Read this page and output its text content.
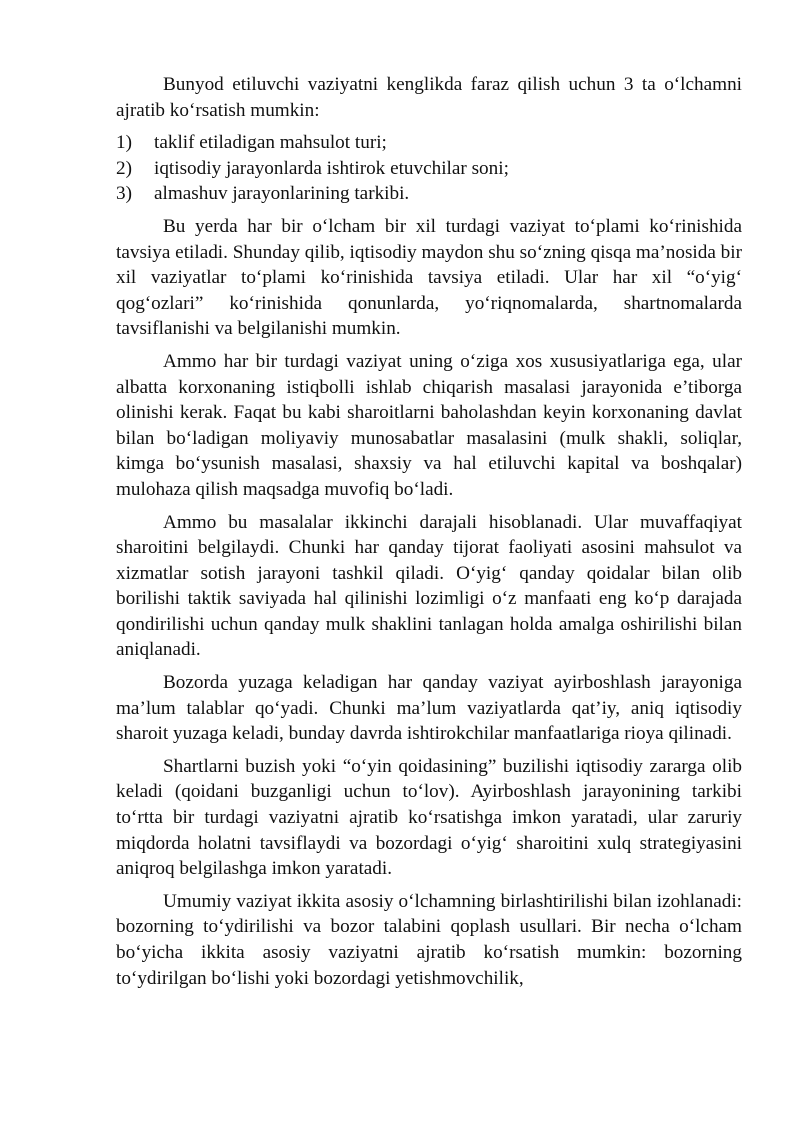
Bunyod etiluvchi vaziyatni kenglikda faraz qilish uchun 3 ta o‘lchamni ajratib ko‘rsatish mumkin:

1)	taklif etiladigan mahsulot turi;
2)	iqtisodiy jarayonlarda ishtirok etuvchilar soni;
3)	almashuv jarayonlarining tarkibi.

Bu yerda har bir o‘lcham bir xil turdagi vaziyat to‘plami ko‘rinishida tavsiya etiladi. Shunday qilib, iqtisodiy maydon shu so‘zning qisqa ma’nosida bir xil vaziyatlar to‘plami ko‘rinishida tavsiya etiladi. Ular har xil “o‘yig‘ qog‘ozlari” ko‘rinishida qonunlarda, yo‘riqnomalarda, shartnomalarda tavsiflanishi va belgilanishi mumkin.

Ammo har bir turdagi vaziyat uning o‘ziga xos xususiyatlariga ega, ular albatta korxonaning istiqbolli ishlab chiqarish masalasi jarayonida e’tiborga olinishi kerak. Faqat bu kabi sharoitlarni baholashdan keyin korxonaning davlat bilan bo‘ladigan moliyaviy munosabatlar masalasini (mulk shakli, soliqlar, kimga bo‘ysunish masalasi, shaxsiy va hal etiluvchi kapital va boshqalar) mulohaza qilish maqsadga muvofiq bo‘ladi.

Ammo bu masalalar ikkinchi darajali hisoblanadi. Ular muvaffaqiyat sharoitini belgilaydi. Chunki har qanday tijorat faoliyati asosini mahsulot va xizmatlar sotish jarayoni tashkil qiladi. O‘yig‘ qanday qoidalar bilan olib borilishi taktik saviyada hal qilinishi lozimligi o‘z manfaati eng ko‘p darajada qondirilishi uchun qanday mulk shaklini tanlagan holda amalga oshirilishi bilan aniqlanadi.

Bozorda yuzaga keladigan har qanday vaziyat ayirboshlash jarayoniga ma’lum talablar qo‘yadi. Chunki ma’lum vaziyatlarda qat’iy, aniq iqtisodiy sharoit yuzaga keladi, bunday davrda ishtirokchilar manfaatlariga rioya qilinadi.

Shartlarni buzish yoki “o‘yin qoidasining” buzilishi iqtisodiy zararga olib keladi (qoidani buzganligi uchun to‘lov). Ayirboshlash jarayonining tarkibi to‘rtta bir turdagi vaziyatni ajratib ko‘rsatishga imkon yaratadi, ular zaruriy miqdorda holatni tavsiflaydi va bozordagi o‘yig‘ sharoitini xulq strategiyasini aniqroq belgilashga imkon yaratadi.

Umumiy vaziyat ikkita asosiy o‘lchamning birlashtirilishi bilan izohlanadi: bozorning to‘ydirilishi va bozor talabini qoplash usullari. Bir necha o‘lcham bo‘yicha ikkita asosiy vaziyatni ajratib ko‘rsatish mumkin: bozorning to‘ydirilgan bo‘lishi yoki bozordagi yetishmovchilik,
